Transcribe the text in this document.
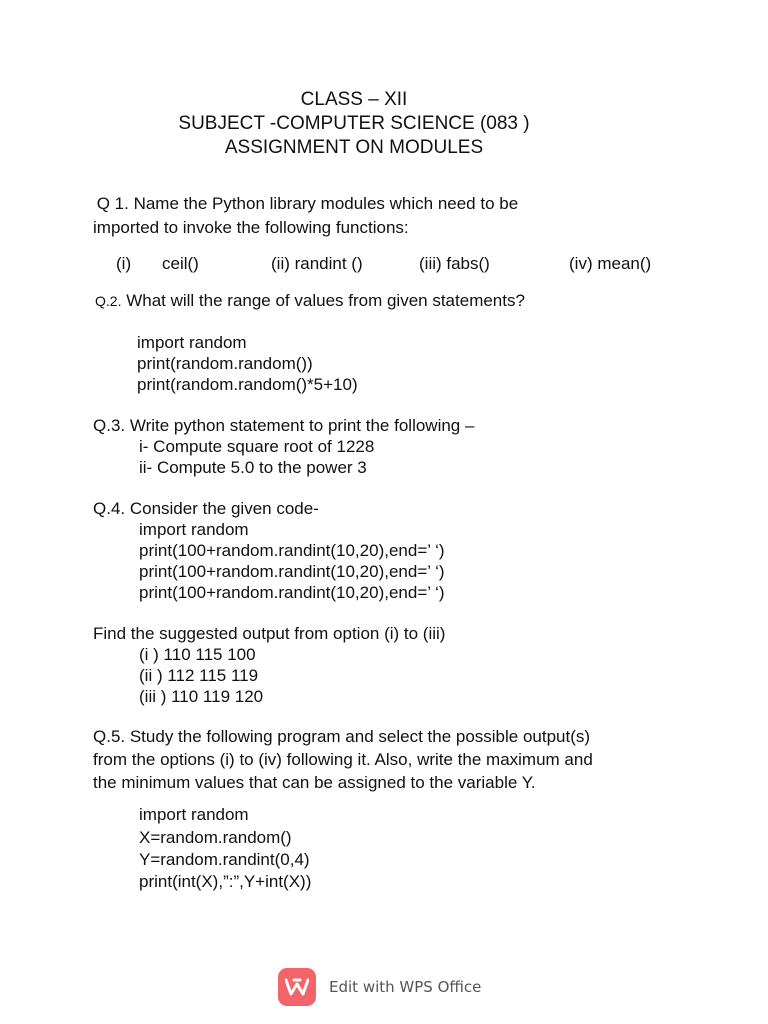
CLASS – XII
SUBJECT -COMPUTER SCIENCE (083 )
ASSIGNMENT ON MODULES
Q 1. Name the Python library modules which need to be
imported to invoke the following functions:
(i) ceil()	(ii) randint ()	(iii) fabs()	(iv) mean()
Q.2. What will the range of values from given statements?
import random
print(random.random())
print(random.random()*5+10)
Q.3. Write python statement to print the following –
i- Compute square root of 1228
ii- Compute 5.0 to the power 3
Q.4. Consider the given code-
import random
print(100+random.randint(10,20),end=’ ‘)
print(100+random.randint(10,20),end=’ ‘)
print(100+random.randint(10,20),end=’ ‘)
Find the suggested output from option (i) to (iii)
(i ) 110 115 100
(ii ) 112 115 119
(iii ) 110 119 120
Q.5. Study the following program and select the possible output(s)
from the options (i) to (iv) following it. Also, write the maximum and
the minimum values that can be assigned to the variable Y.
import random
X=random.random()
Y=random.randint(0,4)
print(int(X),”:”,Y+int(X))
Edit with WPS Office
